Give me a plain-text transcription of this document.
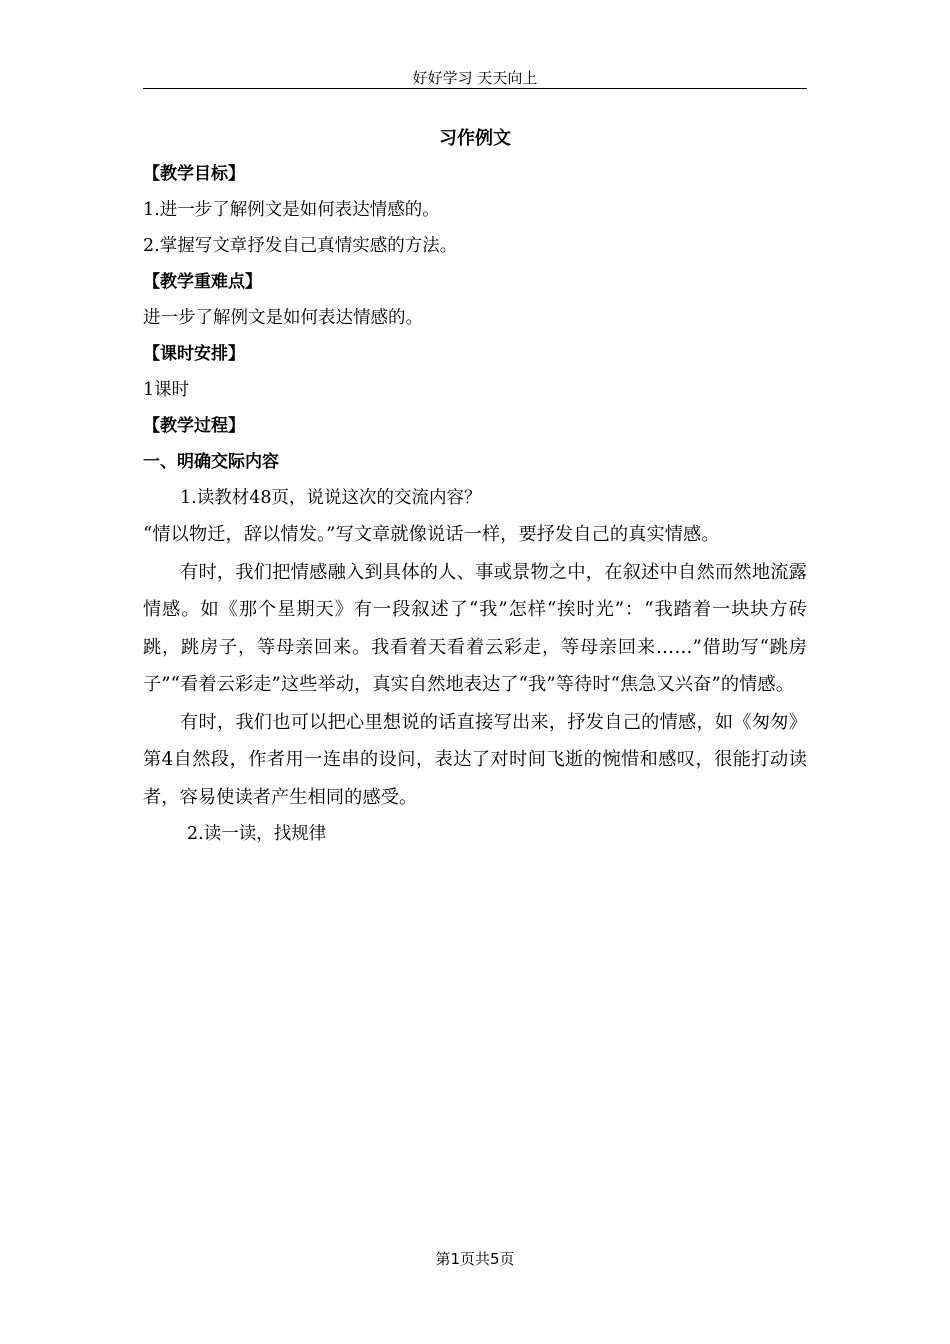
好好学习 天天向上
习作例文

【教学目标】

1.进一步了解例文是如何表达情感的。

2.掌握写文章抒发自己真情实感的方法。

【教学重难点】

进一步了解例文是如何表达情感的。

【课时安排】

1课时

【教学过程】

一、明确交际内容

1.读教材48页，说说这次的交流内容？

“情以物迁，辞以情发。”写文章就像说话一样，要抒发自己的真实情感。

有时，我们把情感融入到具体的人、事或景物之中，在叙述中自然而然地流露情感。如《那个星期天》有一段叙述了“我”怎样“挨时光”：“我踏着一块块方砖跳，跳房子，等母亲回来。我看着天看着云彩走，等母亲回来……”借助写“跳房子”“看着云彩走”这些举动，真实自然地表达了“我”等待时“焦急又兴奋”的情感。

有时，我们也可以把心里想说的话直接写出来，抒发自己的情感，如《匆匆》第4自然段，作者用一连串的设问，表达了对时间飞逝的惋惜和感叹，很能打动读者，容易使读者产生相同的感受。

2.读一读，找规律

第1页共5页
